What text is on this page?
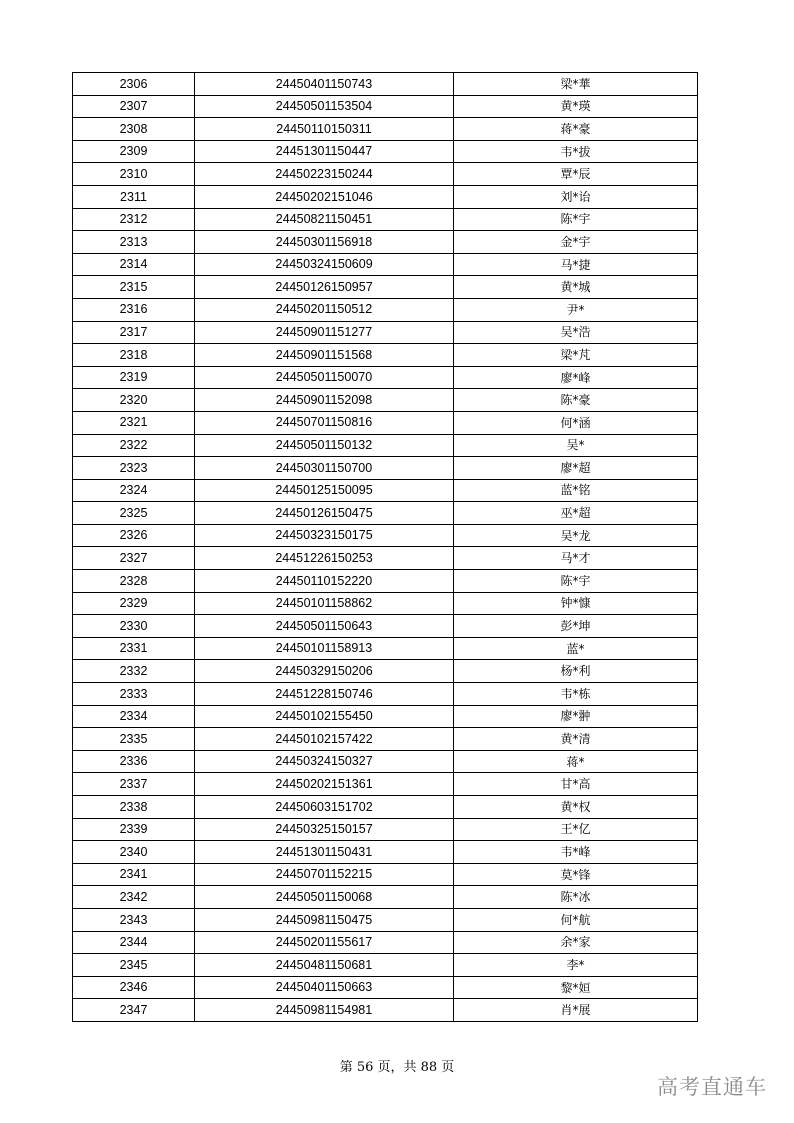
2306	24450401150743	梁*華
2307	24450501153504	黄*瑛
2308	24450110150311	蒋*豪
2309	24451301150447	韦*拔
2310	24450223150244	覃*辰
2311	24450202151046	刘*诒
2312	24450821150451	陈*宇
2313	24450301156918	金*宇
2314	24450324150609	马*捷
2315	24450126150957	黄*城
2316	24450201150512	尹*
2317	24450901151277	吴*浩
2318	24450901151568	梁*芃
2319	24450501150070	廖*峰
2320	24450901152098	陈*豪
2321	24450701150816	何*涵
2322	24450501150132	吴*
2323	24450301150700	廖*超
2324	24450125150095	蓝*铭
2325	24450126150475	巫*超
2326	24450323150175	吴*龙
2327	24451226150253	马*才
2328	24450110152220	陈*宇
2329	24450101158862	钟*慷
2330	24450501150643	彭*坤
2331	24450101158913	蓝*
2332	24450329150206	杨*利
2333	24451228150746	韦*栋
2334	24450102155450	廖*翀
2335	24450102157422	黄*清
2336	24450324150327	蒋*
2337	24450202151361	甘*高
2338	24450603151702	黄*权
2339	24450325150157	王*亿
2340	24451301150431	韦*峰
2341	24450701152215	莫*锋
2342	24450501150068	陈*冰
2343	24450981150475	何*航
2344	24450201155617	余*家
2345	24450481150681	李*
2346	24450401150663	黎*姮
2347	24450981154981	肖*展
第 56 页，共 88 页
高考直通车
